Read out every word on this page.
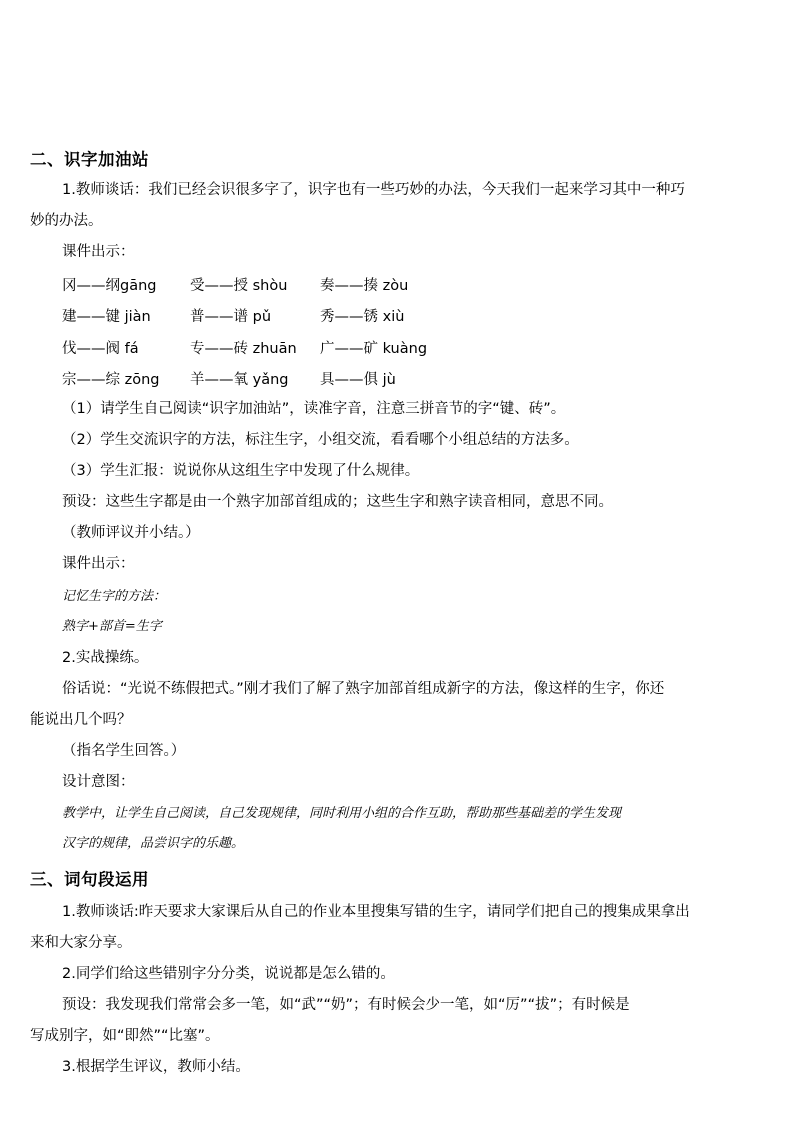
二、识字加油站
1.教师谈话：我们已经会识很多字了，识字也有一些巧妙的办法，今天我们一起来学习其中一种巧
妙的办法。
课件出示：
冈——纲gāng 受——授 shòu 奏——揍 zòu
建——键 jiàn	普——谱 pǔ	秀——锈 xiù
伐——阀 fá	专——砖 zhuān 广——矿 kuàng
宗——综 zōng 羊——氧 yǎng 具——俱 jù
（1）请学生自己阅读“识字加油站”，读准字音，注意三拼音节的字“键、砖”。
（2）学生交流识字的方法，标注生字，小组交流，看看哪个小组总结的方法多。
（3）学生汇报：说说你从这组生字中发现了什么规律。
预设：这些生字都是由一个熟字加部首组成的；这些生字和熟字读音相同，意思不同。
（教师评议并小结。）
课件出示：
记忆生字的方法：
熟字+部首=生字
2.实战操练。
俗话说：“光说不练假把式。”刚才我们了解了熟字加部首组成新字的方法，像这样的生字，你还
能说出几个吗？
（指名学生回答。）
设计意图：
教学中，让学生自己阅读，自己发现规律，同时利用小组的合作互助，帮助那些基础差的学生发现
汉字的规律，品尝识字的乐趣。
三、词句段运用
1.教师谈话:昨天要求大家课后从自己的作业本里搜集写错的生字，请同学们把自己的搜集成果拿出
来和大家分享。
2.同学们给这些错别字分分类，说说都是怎么错的。
预设：我发现我们常常会多一笔，如“武”“奶”；有时候会少一笔，如“厉”“拔”；有时候是
写成别字，如“即然”“比塞”。
3.根据学生评议，教师小结。
